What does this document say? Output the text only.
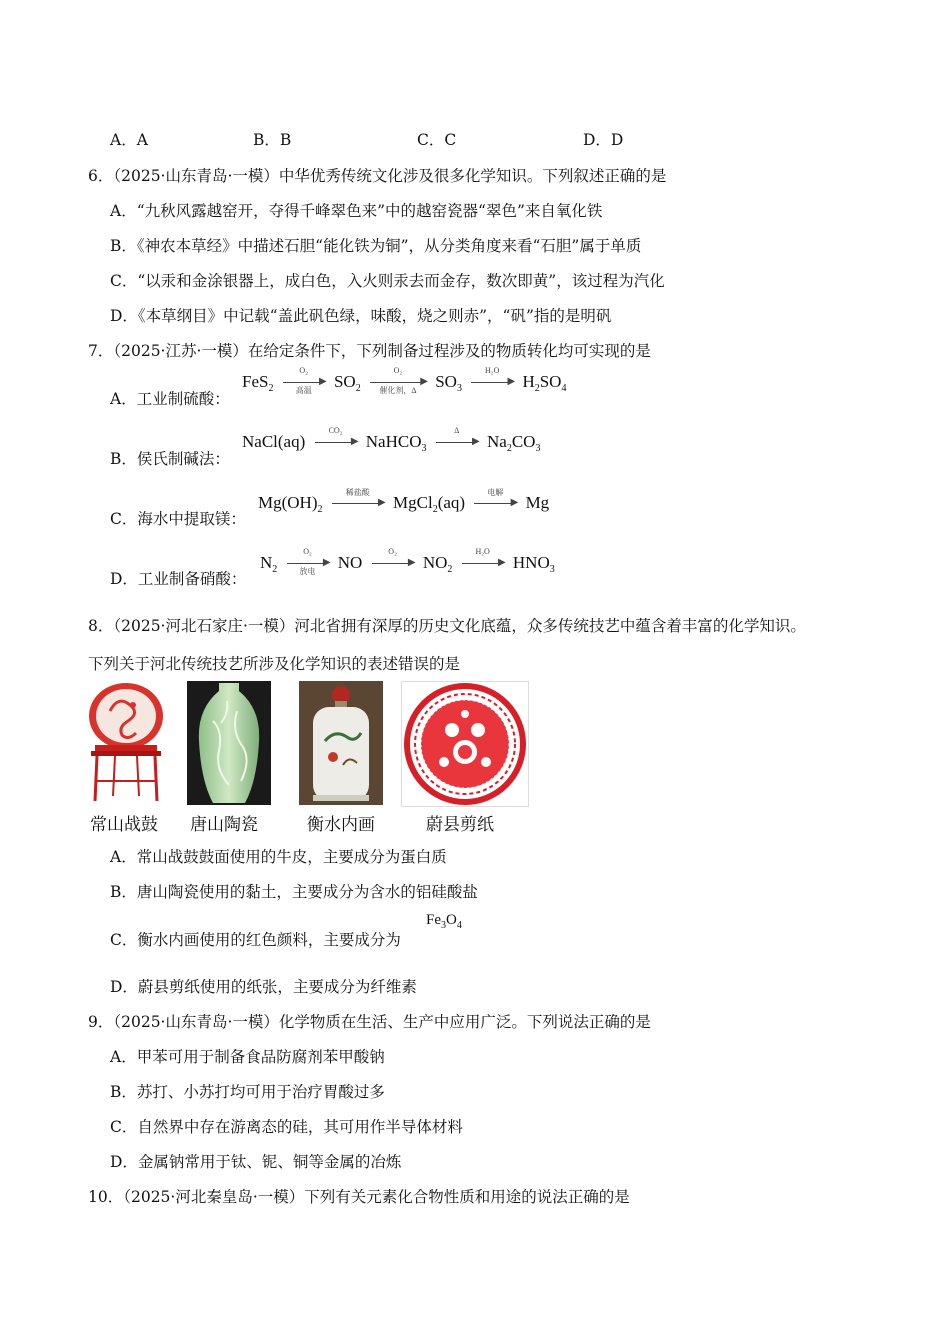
A．A	B．B	C．C	D．D
6．（2025·山东青岛·一模）中华优秀传统文化涉及很多化学知识。下列叙述正确的是
A．“九秋风露越窑开，夺得千峰翠色来”中的越窑瓷器“翠色”来自氧化铁
B．《神农本草经》中描述石胆“能化铁为铜”，从分类角度来看“石胆”属于单质
C．“以汞和金涂银器上，成白色，入火则汞去而金存，数次即黄”，该过程为汽化
D．《本草纲目》中记载“盖此矾色绿，味酸，烧之则赤”，“矾”指的是明矾
7．（2025·江苏·一模）在给定条件下，下列制备过程涉及的物质转化均可实现的是
A．工业制硫酸：
FeS$_2$
O₂
▶
高温	$SO_2$
O₂
▶
催化剂，Δ	$SO_3$
H₂O
▶ $H_2SO_4$
B．侯氏制碱法：
NaCl(aq)
CO₂
▶ NaHCO$_3$
Δ
▶ $Na_2CO_3$
C．海水中提取镁：
$Mg(OH)_2$
稀盐酸
▶ MgCl$_2$(aq)
电解
▶ Mg
D．工业制备硝酸：
$N_2$
O₂
▶
放电	NO
O₂
▶ $NO_2$
H₂O
▶ $HNO_3$
8．（2025·河北石家庄·一模）河北省拥有深厚的历史文化底蕴，众多传统技艺中蕴含着丰富的化学知识。
下列关于河北传统技艺所涉及化学知识的表述错误的是
常山战鼓 唐山陶瓷	衡水内画	蔚县剪纸
A．常山战鼓鼓面使用的牛皮，主要成分为蛋白质
B．唐山陶瓷使用的黏土，主要成分为含水的铝硅酸盐
C．衡水内画使用的红色颜料，主要成分为
$Fe_3O_4$
D．蔚县剪纸使用的纸张，主要成分为纤维素
9．（2025·山东青岛·一模）化学物质在生活、生产中应用广泛。下列说法正确的是
A．甲苯可用于制备食品防腐剂苯甲酸钠
B．苏打、小苏打均可用于治疗胃酸过多
C．自然界中存在游离态的硅，其可用作半导体材料
D．金属钠常用于钛、铌、铜等金属的冶炼
10．（2025·河北秦皇岛·一模）下列有关元素化合物性质和用途的说法正确的是
